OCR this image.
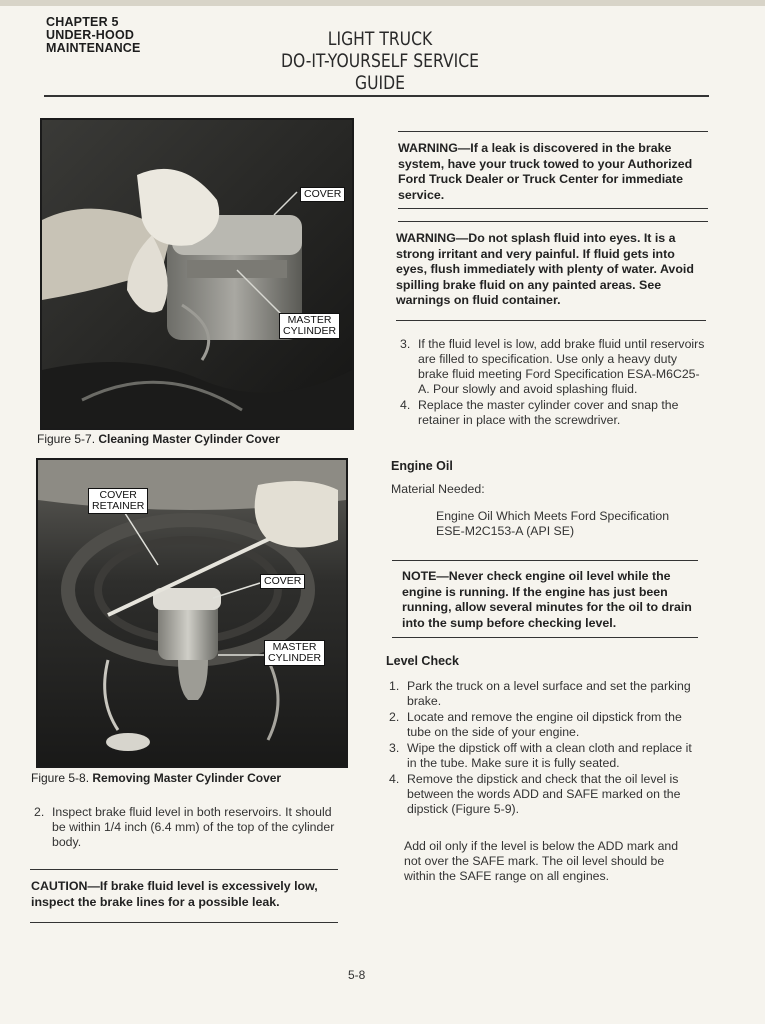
CHAPTER 5
UNDER-HOOD
MAINTENANCE	LIGHT TRUCK
DO-IT-YOURSELF SERVICE GUIDE
COVER
MASTER
CYLINDER
Figure 5-7. Cleaning Master Cylinder Cover
COVER
RETAINER
COVER
MASTER
CYLINDER
Figure 5-8. Removing Master Cylinder Cover
2. Inspect brake fluid level in both reservoirs. It should be within 1/4 inch (6.4 mm) of the top of the cylinder body.
CAUTION—If brake fluid level is excessively low, inspect the brake lines for a possible leak.
WARNING—If a leak is discovered in the brake system, have your truck towed to your Authorized Ford Truck Dealer or Truck Center for immediate service.
WARNING—Do not splash fluid into eyes. It is a strong irritant and very painful. If fluid gets into eyes, flush immediately with plenty of water. Avoid spilling brake fluid on any painted areas. See warnings on fluid container.
3. If the fluid level is low, add brake fluid until reservoirs are filled to specification. Use only a heavy duty brake fluid meeting Ford Specification ESA-M6C25-A. Pour slowly and avoid splashing fluid.
4. Replace the master cylinder cover and snap the retainer in place with the screwdriver.
Engine Oil
Material Needed:
Engine Oil Which Meets Ford Specification
ESE-M2C153-A (API SE)
NOTE—Never check engine oil level while the engine is running. If the engine has just been running, allow several minutes for the oil to drain into the sump before checking level.
Level Check
1. Park the truck on a level surface and set the parking brake.
2. Locate and remove the engine oil dipstick from the tube on the side of your engine.
3. Wipe the dipstick off with a clean cloth and replace it in the tube. Make sure it is fully seated.
4. Remove the dipstick and check that the oil level is between the words ADD and SAFE marked on the dipstick (Figure 5-9).
Add oil only if the level is below the ADD mark and not over the SAFE mark. The oil level should be within the SAFE range on all engines.
5-8
